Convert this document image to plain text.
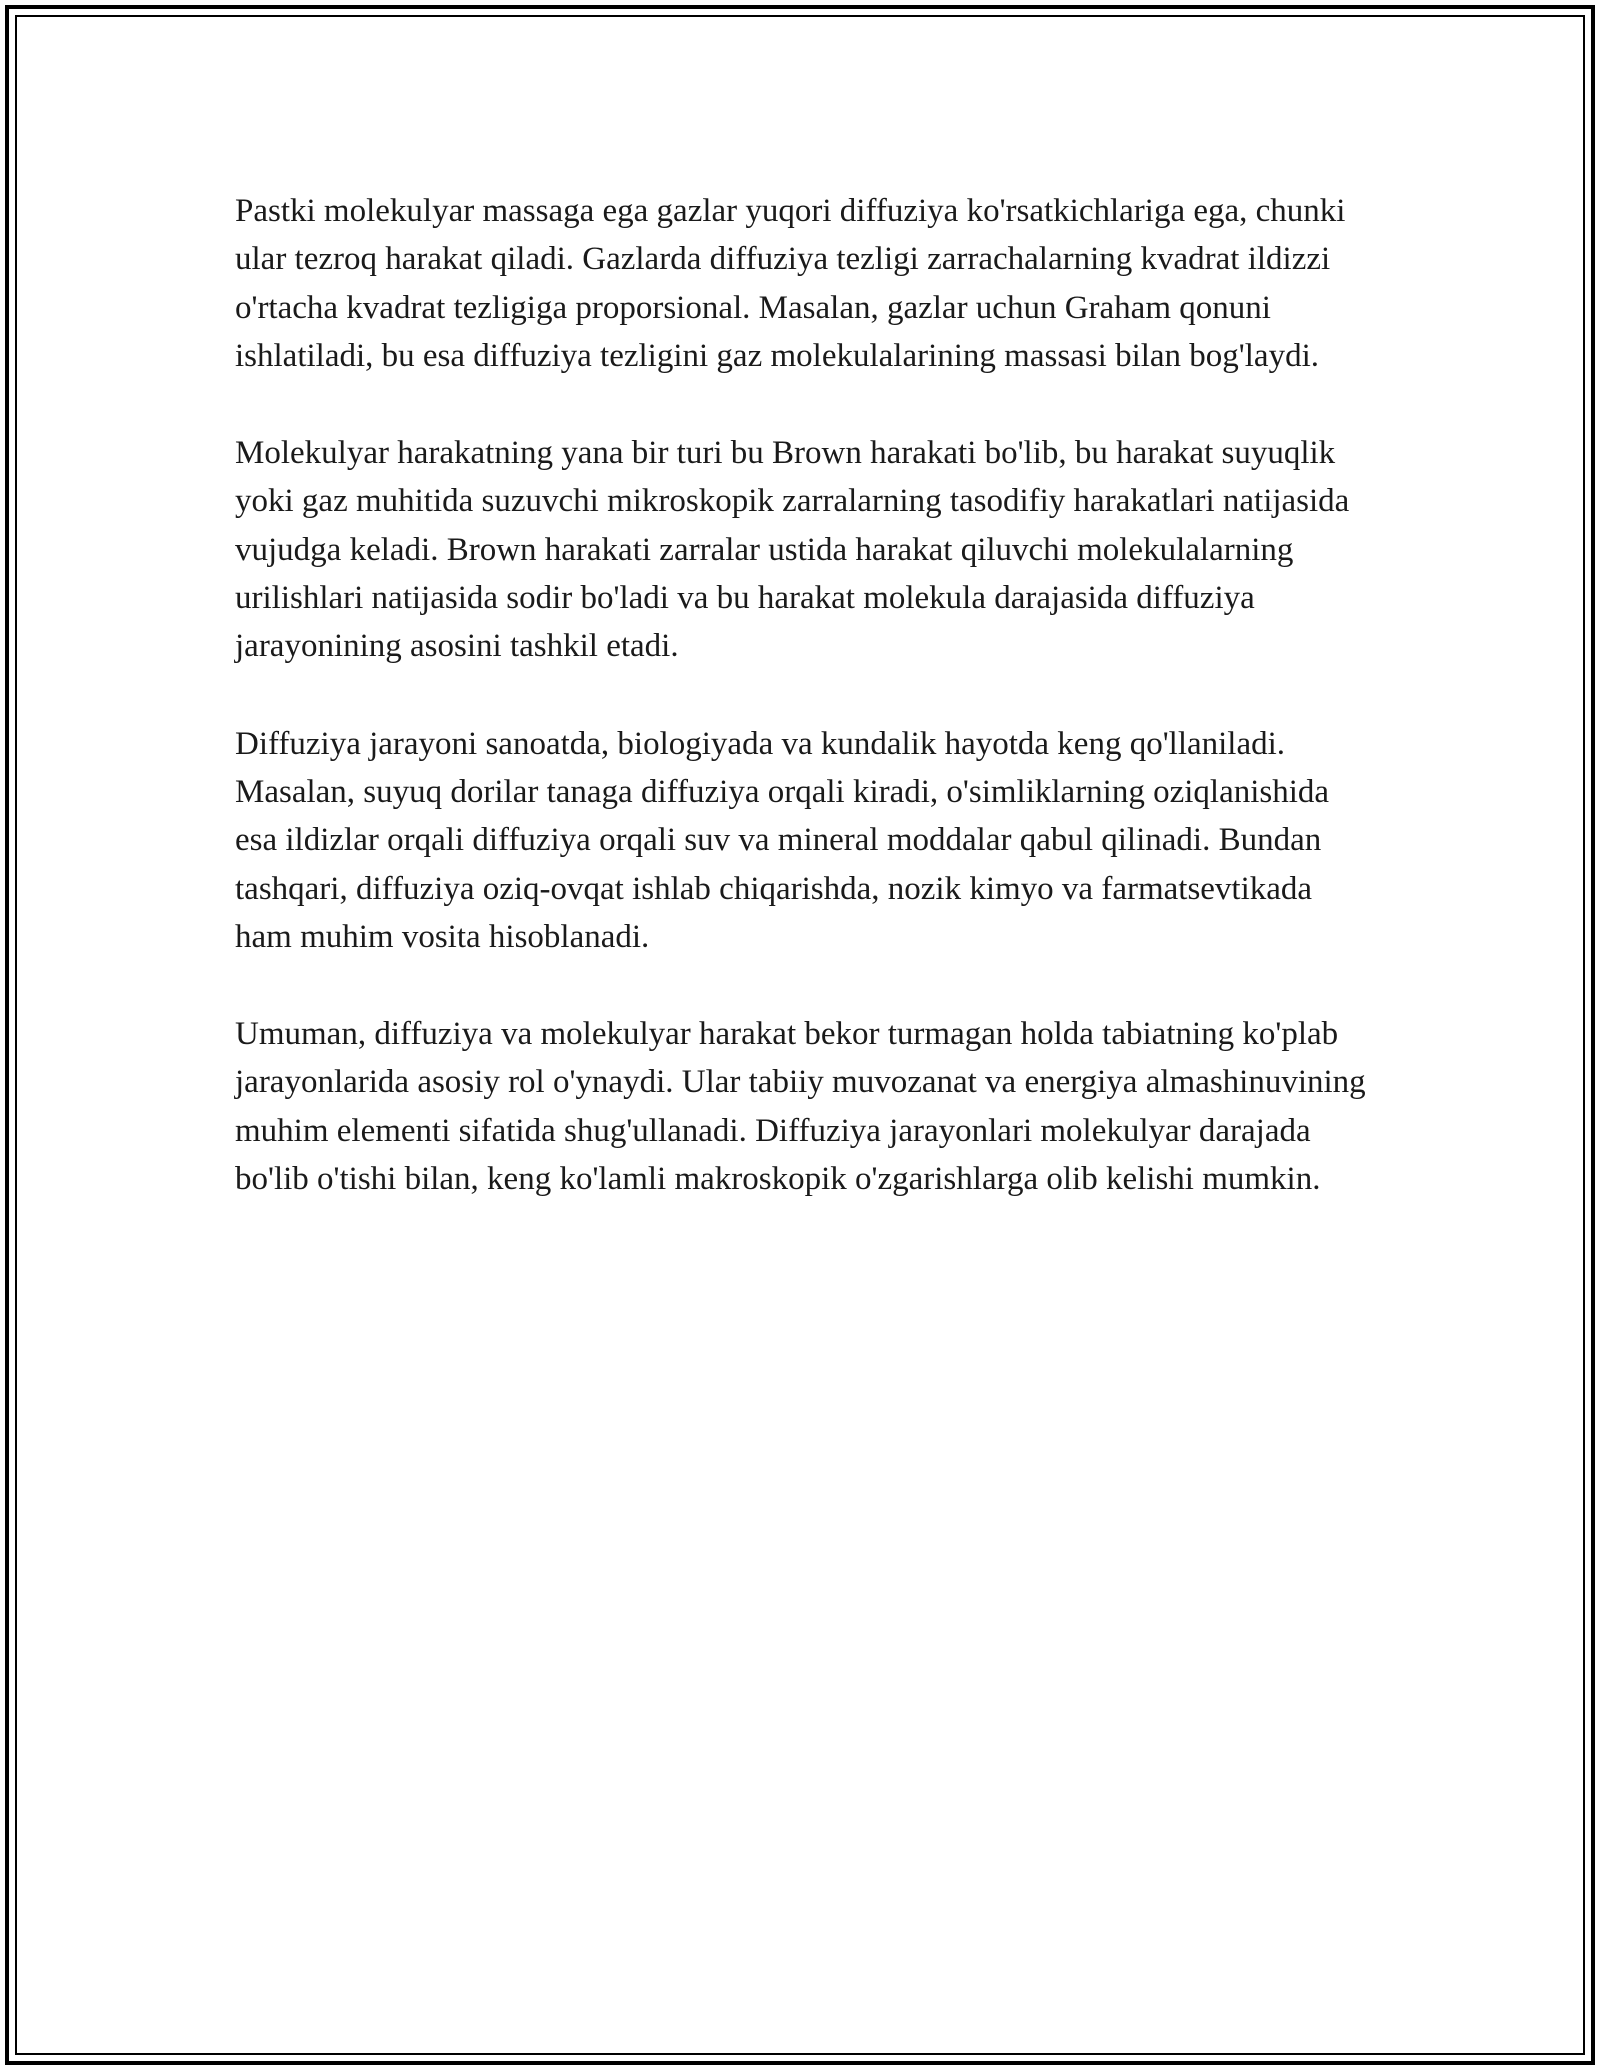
Pastki molekulyar massaga ega gazlar yuqori diffuziya ko'rsatkichlariga ega, chunki ular tezroq harakat qiladi. Gazlarda diffuziya tezligi zarrachalarning kvadrat ildizzi o'rtacha kvadrat tezligiga proporsional. Masalan, gazlar uchun Graham qonuni ishlatiladi, bu esa diffuziya tezligini gaz molekulalarining massasi bilan bog'laydi.

Molekulyar harakatning yana bir turi bu Brown harakati bo'lib, bu harakat suyuqlik yoki gaz muhitida suzuvchi mikroskopik zarralarning tasodifiy harakatlari natijasida vujudga keladi. Brown harakati zarralar ustida harakat qiluvchi molekulalarning urilishlari natijasida sodir bo'ladi va bu harakat molekula darajasida diffuziya jarayonining asosini tashkil etadi.

Diffuziya jarayoni sanoatda, biologiyada va kundalik hayotda keng qo'llaniladi. Masalan, suyuq dorilar tanaga diffuziya orqali kiradi, o'simliklarning oziqlanishida esa ildizlar orqali diffuziya orqali suv va mineral moddalar qabul qilinadi. Bundan tashqari, diffuziya oziq-ovqat ishlab chiqarishda, nozik kimyo va farmatsevtikada ham muhim vosita hisoblanadi.

Umuman, diffuziya va molekulyar harakat bekor turmagan holda tabiatning ko'plab jarayonlarida asosiy rol o'ynaydi. Ular tabiiy muvozanat va energiya almashinuvining muhim elementi sifatida shug'ullanadi. Diffuziya jarayonlari molekulyar darajada bo'lib o'tishi bilan, keng ko'lamli makroskopik o'zgarishlarga olib kelishi mumkin.
